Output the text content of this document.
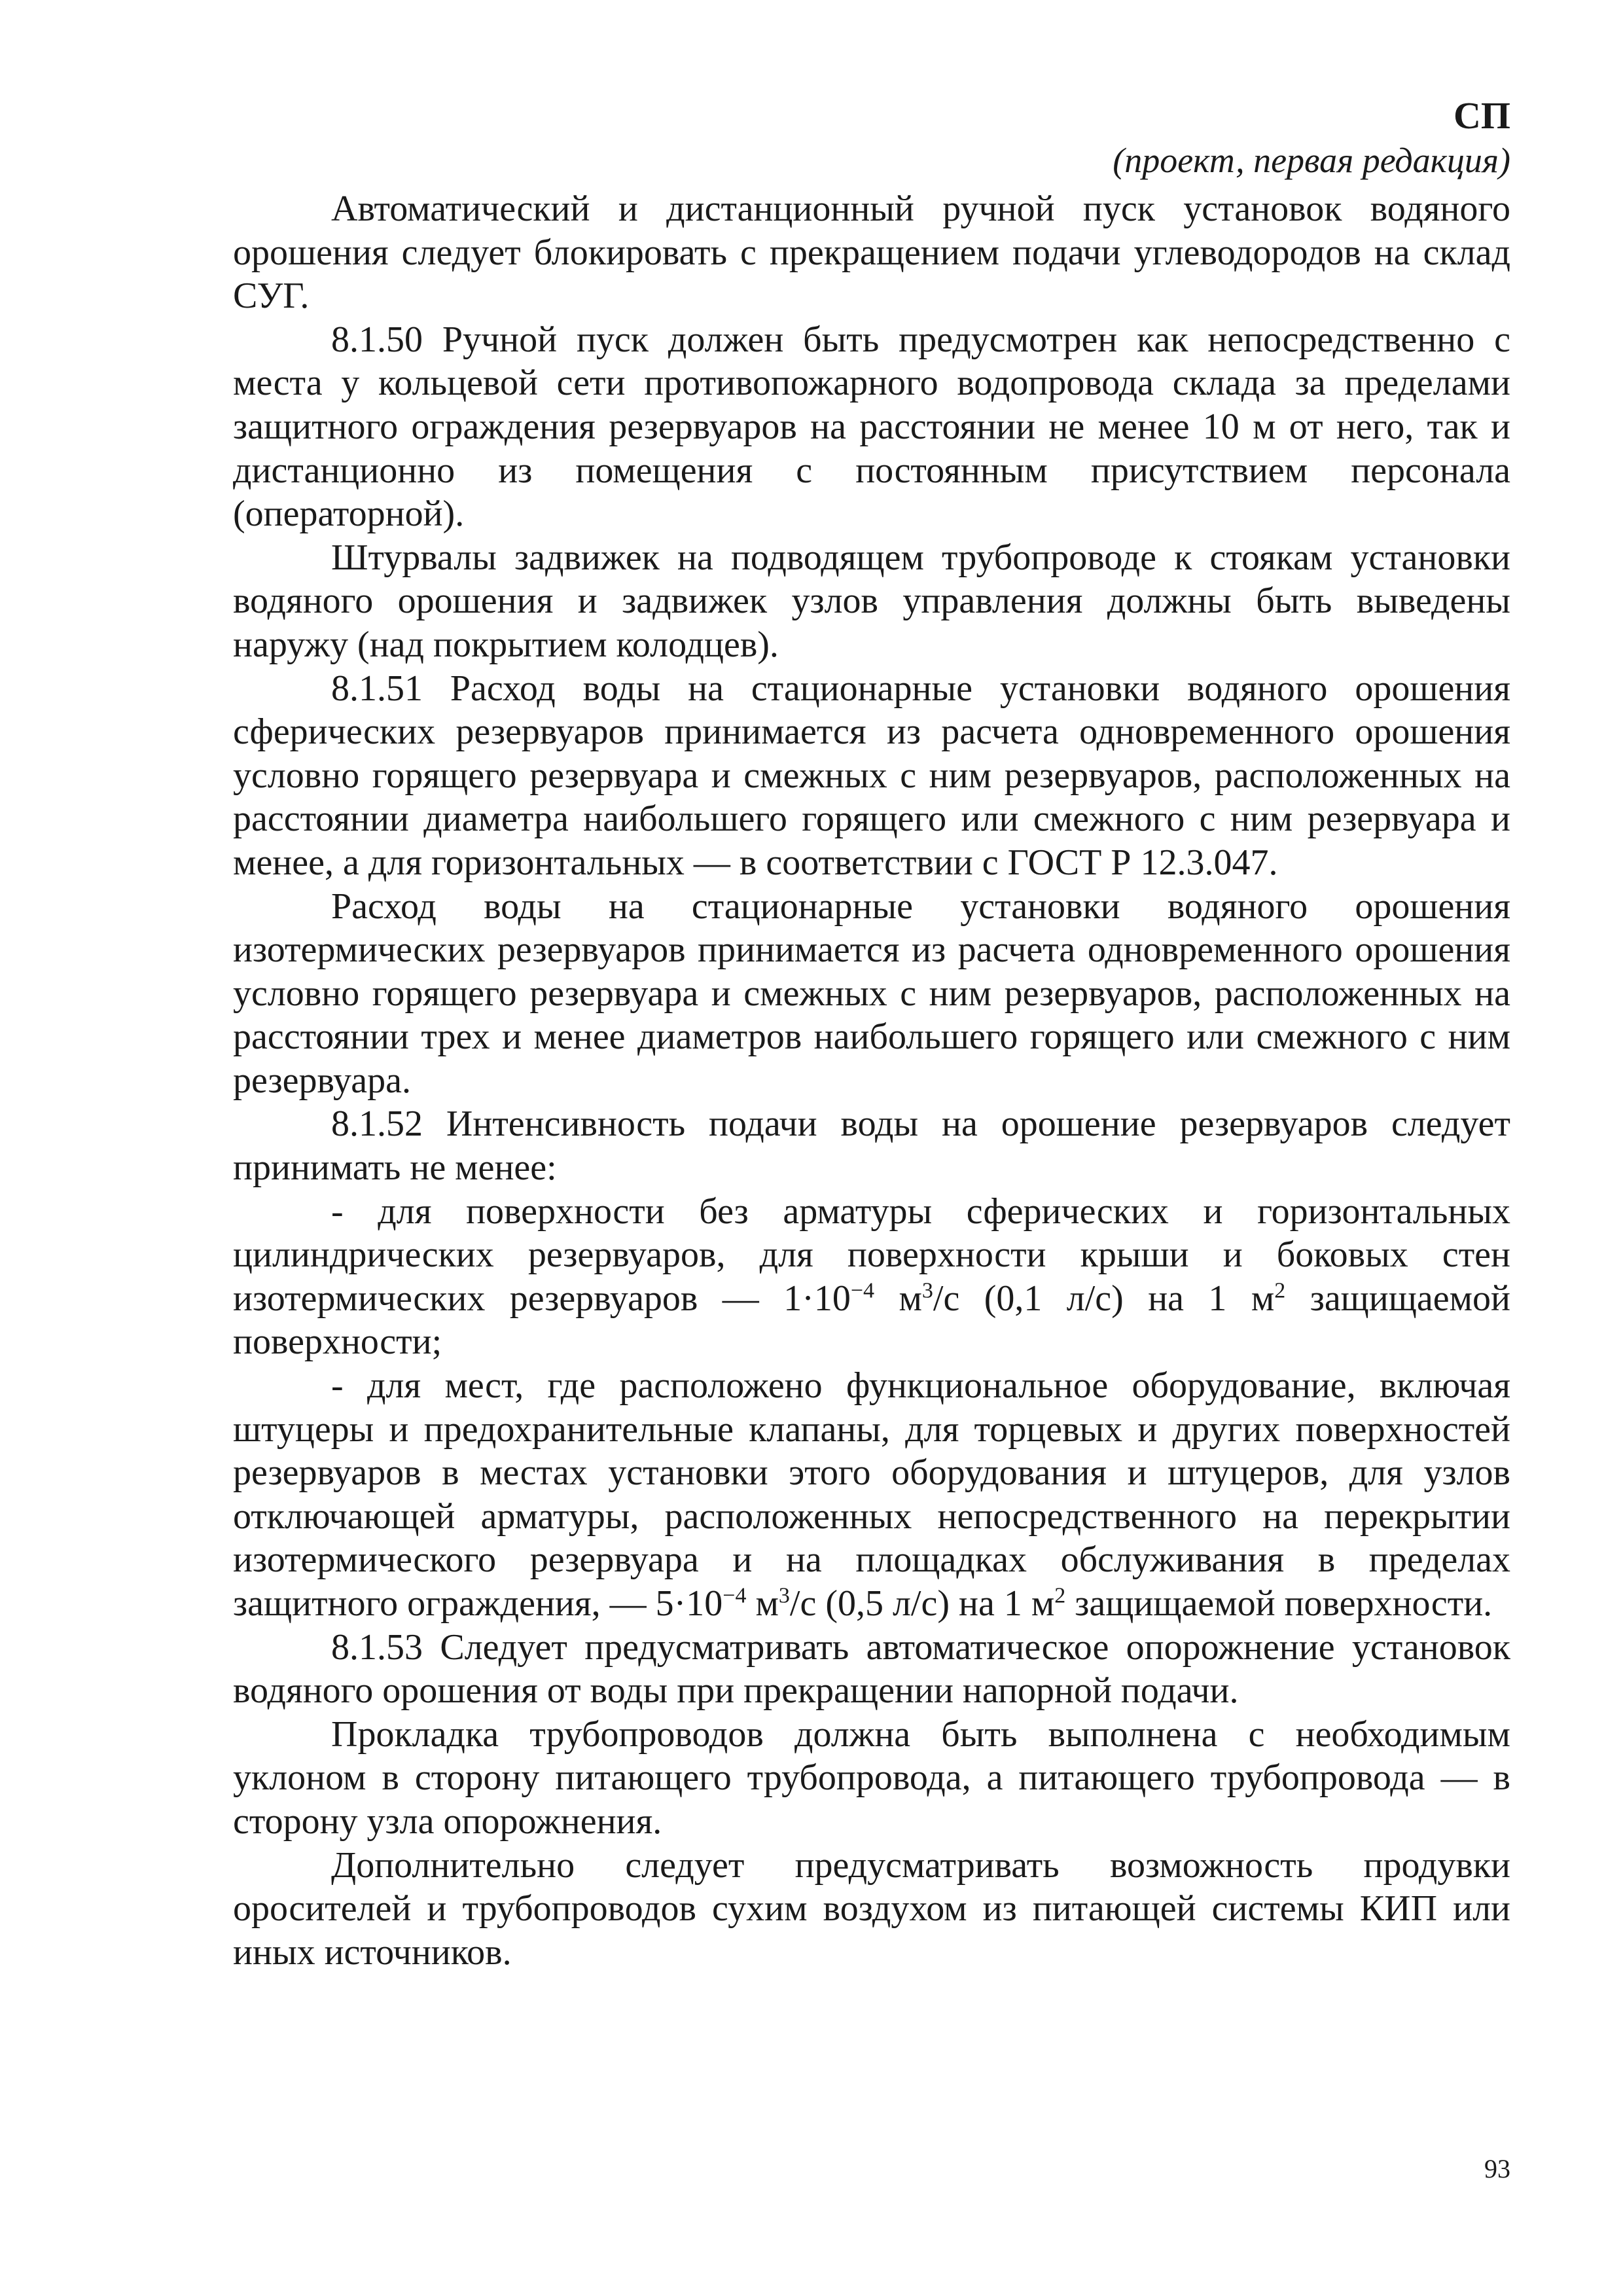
СП
(проект, первая редакция)

Автоматический и дистанционный ручной пуск установок водяного орошения следует блокировать с прекращением подачи углеводородов на склад СУГ.

8.1.50 Ручной пуск должен быть предусмотрен как непосредственно с места у кольцевой сети противопожарного водопровода склада за пределами защитного ограждения резервуаров на расстоянии не менее 10 м от него, так и дистанционно из помещения с постоянным присутствием персонала (операторной).

Штурвалы задвижек на подводящем трубопроводе к стоякам установки водяного орошения и задвижек узлов управления должны быть выведены наружу (над покрытием колодцев).

8.1.51 Расход воды на стационарные установки водяного орошения сферических резервуаров принимается из расчета одновременного орошения условно горящего резервуара и смежных с ним резервуаров, расположенных на расстоянии диаметра наибольшего горящего или смежного с ним резервуара и менее, а для горизонтальных — в соответствии с ГОСТ Р 12.3.047.

Расход воды на стационарные установки водяного орошения изотермических резервуаров принимается из расчета одновременного орошения условно горящего резервуара и смежных с ним резервуаров, расположенных на расстоянии трех и менее диаметров наибольшего горящего или смежного с ним резервуара.

8.1.52 Интенсивность подачи воды на орошение резервуаров следует принимать не менее:

- для поверхности без арматуры сферических и горизонтальных цилиндрических резервуаров, для поверхности крыши и боковых стен изотермических резервуаров — $1\cdot 10^{-4}$ $м^3/с$ (0,1 л/с) на 1 $м^2$ защищаемой поверхности;

- для мест, где расположено функциональное оборудование, включая штуцеры и предохранительные клапаны, для торцевых и других поверхностей резервуаров в местах установки этого оборудования и штуцеров, для узлов отключающей арматуры, расположенных непосредственного на перекрытии изотермического резервуара и на площадках обслуживания в пределах защитного ограждения, — $5\cdot 10^{-4}$ $м^3/с$ (0,5 л/с) на 1 $м^2$ защищаемой поверхности.

8.1.53 Следует предусматривать автоматическое опорожнение установок водяного орошения от воды при прекращении напорной подачи.

Прокладка трубопроводов должна быть выполнена с необходимым уклоном в сторону питающего трубопровода, а питающего трубопровода — в сторону узла опорожнения.

Дополнительно следует предусматривать возможность продувки оросителей и трубопроводов сухим воздухом из питающей системы КИП или иных источников.

93
